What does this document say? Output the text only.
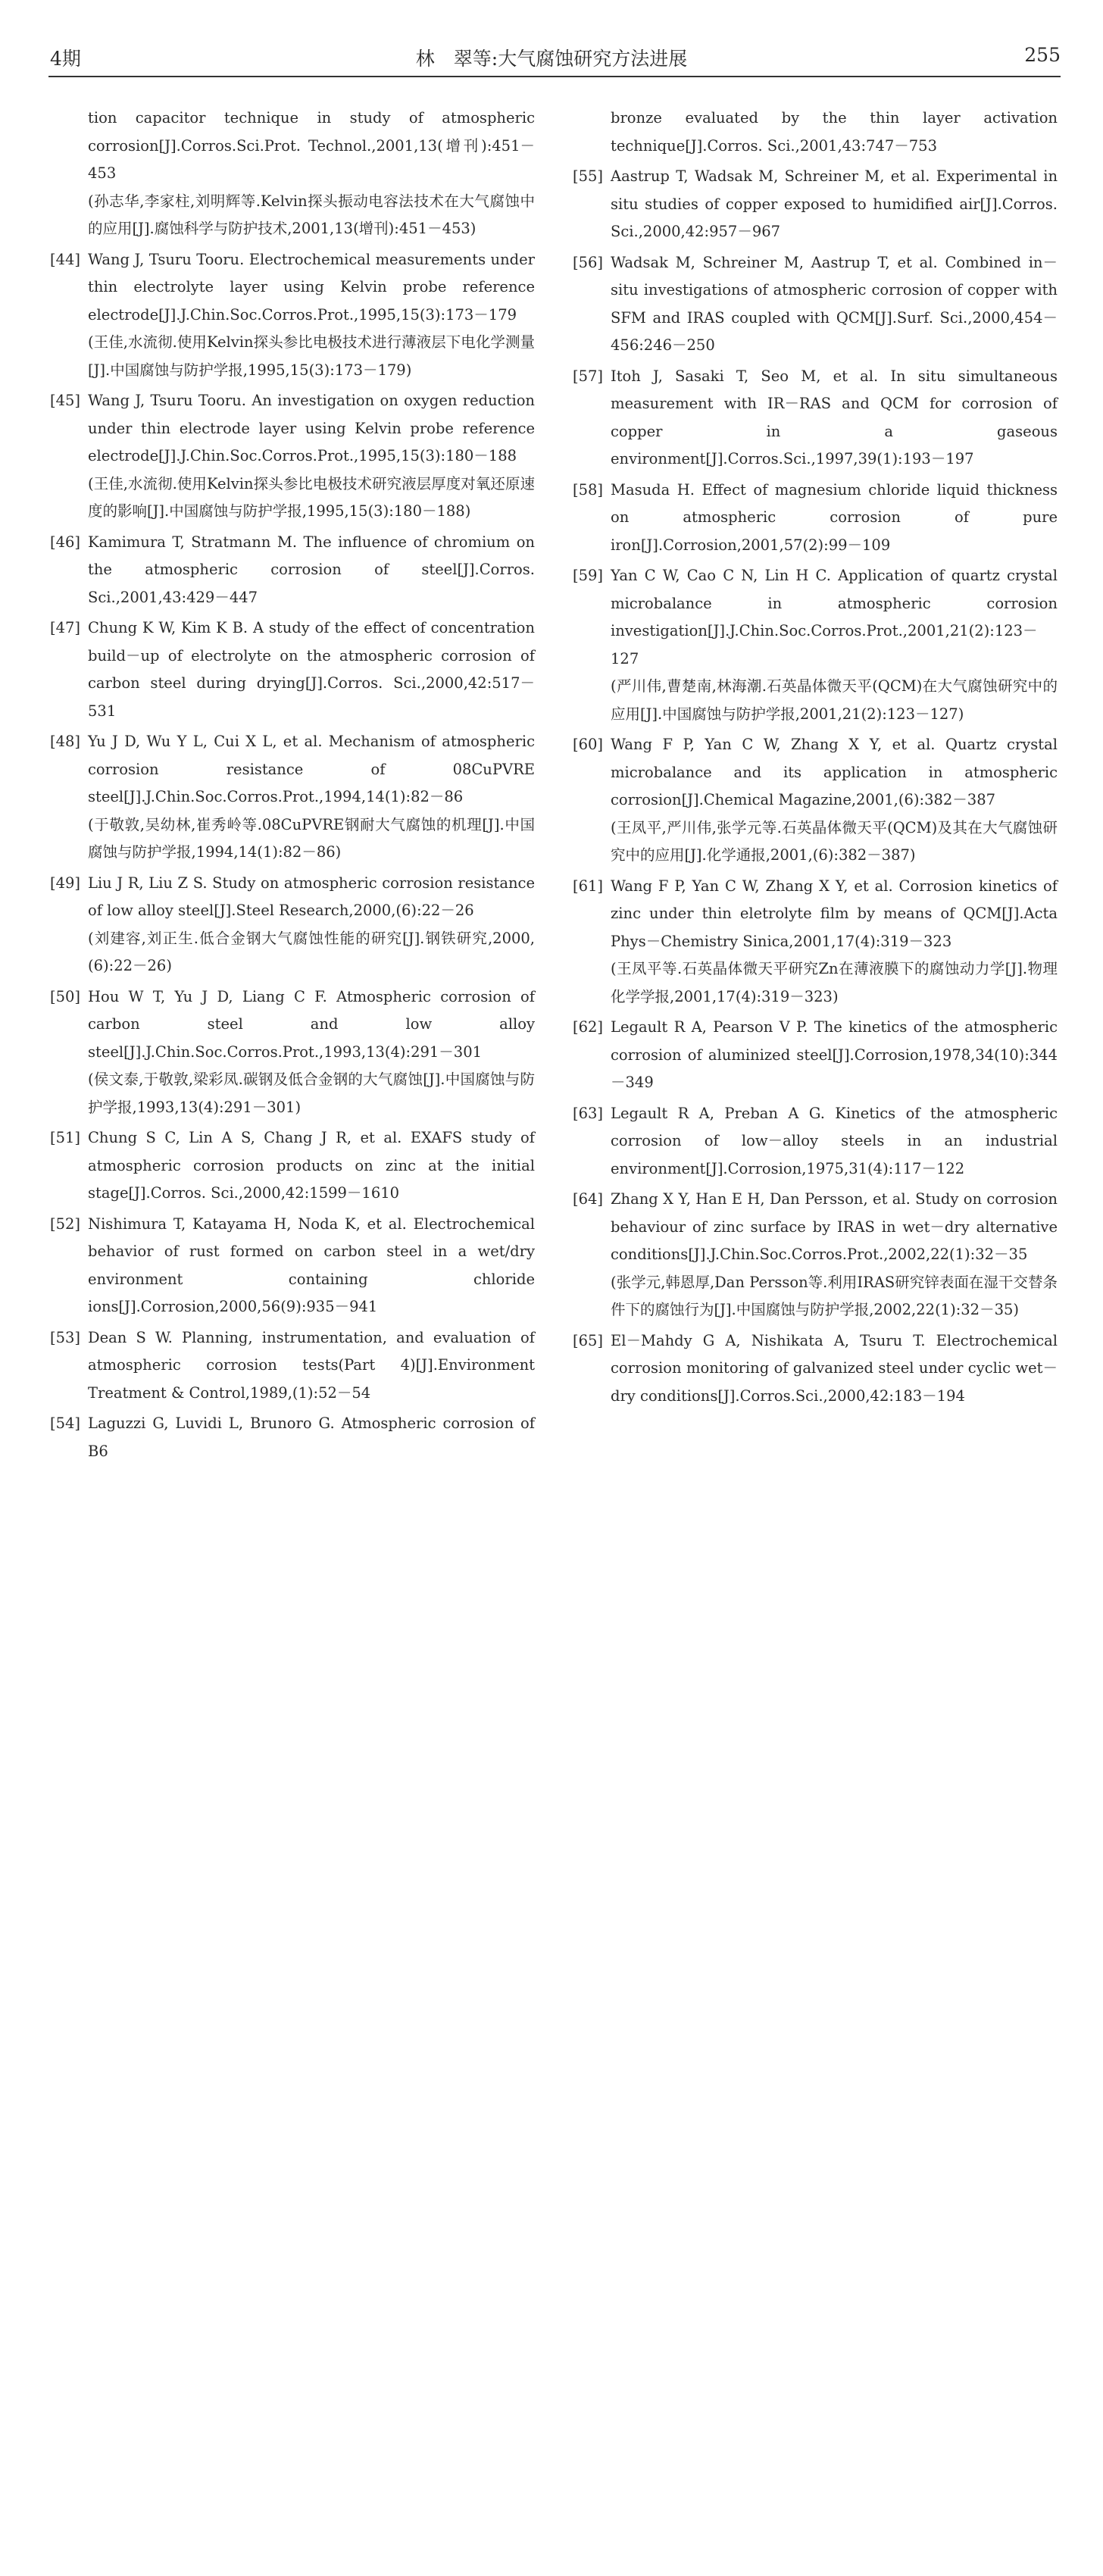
4期	林　翠等:大气腐蚀研究方法进展	255
tion capacitor technique in study of atmospheric corrosion[J].Corros.Sci.Prot. Technol.,2001,13(增刊):451－453
(孙志华,李家柱,刘明辉等.Kelvin探头振动电容法技术在大气腐蚀中的应用[J].腐蚀科学与防护技术,2001,13(增刊):451－453)
[44] Wang J, Tsuru Tooru. Electrochemical measurements under thin electrolyte layer using Kelvin probe reference electrode[J].J.Chin.Soc.Corros.Prot.,1995,15(3):173－179
(王佳,水流彻.使用Kelvin探头参比电极技术进行薄液层下电化学测量[J].中国腐蚀与防护学报,1995,15(3):173－179)
[45] Wang J, Tsuru Tooru. An investigation on oxygen reduction under thin electrode layer using Kelvin probe reference electrode[J].J.Chin.Soc.Corros.Prot.,1995,15(3):180－188
(王佳,水流彻.使用Kelvin探头参比电极技术研究液层厚度对氧还原速度的影响[J].中国腐蚀与防护学报,1995,15(3):180－188)
[46] Kamimura T, Stratmann M. The influence of chromium on the atmospheric corrosion of steel[J].Corros. Sci.,2001,43:429－447
[47] Chung K W, Kim K B. A study of the effect of concentration build－up of electrolyte on the atmospheric corrosion of carbon steel during drying[J].Corros. Sci.,2000,42:517－531
[48] Yu J D, Wu Y L, Cui X L, et al. Mechanism of atmospheric corrosion resistance of 08CuPVRE steel[J].J.Chin.Soc.Corros.Prot.,1994,14(1):82－86
(于敬敦,吴幼林,崔秀岭等.08CuPVRE钢耐大气腐蚀的机理[J].中国腐蚀与防护学报,1994,14(1):82－86)
[49] Liu J R, Liu Z S. Study on atmospheric corrosion resistance of low alloy steel[J].Steel Research,2000,(6):22－26
(刘建容,刘正生.低合金钢大气腐蚀性能的研究[J].钢铁研究,2000,(6):22－26)
[50] Hou W T, Yu J D, Liang C F. Atmospheric corrosion of carbon steel and low alloy steel[J].J.Chin.Soc.Corros.Prot.,1993,13(4):291－301
(侯文泰,于敬敦,梁彩凤.碳钢及低合金钢的大气腐蚀[J].中国腐蚀与防护学报,1993,13(4):291－301)
[51] Chung S C, Lin A S, Chang J R, et al. EXAFS study of atmospheric corrosion products on zinc at the initial stage[J].Corros. Sci.,2000,42:1599－1610
[52] Nishimura T, Katayama H, Noda K, et al. Electrochemical behavior of rust formed on carbon steel in a wet/dry environment containing chloride ions[J].Corrosion,2000,56(9):935－941
[53] Dean S W. Planning, instrumentation, and evaluation of atmospheric corrosion tests(Part 4)[J].Environment Treatment & Control,1989,(1):52－54
[54] Laguzzi G, Luvidi L, Brunoro G. Atmospheric corrosion of B6
bronze evaluated by the thin layer activation technique[J].Corros. Sci.,2001,43:747－753
[55] Aastrup T, Wadsak M, Schreiner M, et al. Experimental in situ studies of copper exposed to humidified air[J].Corros. Sci.,2000,42:957－967
[56] Wadsak M, Schreiner M, Aastrup T, et al. Combined in－situ investigations of atmospheric corrosion of copper with SFM and IRAS coupled with QCM[J].Surf. Sci.,2000,454－456:246－250
[57] Itoh J, Sasaki T, Seo M, et al. In situ simultaneous measurement with IR－RAS and QCM for corrosion of copper in a gaseous environment[J].Corros.Sci.,1997,39(1):193－197
[58] Masuda H. Effect of magnesium chloride liquid thickness on atmospheric corrosion of pure iron[J].Corrosion,2001,57(2):99－109
[59] Yan C W, Cao C N, Lin H C. Application of quartz crystal microbalance in atmospheric corrosion investigation[J].J.Chin.Soc.Corros.Prot.,2001,21(2):123－127
(严川伟,曹楚南,林海潮.石英晶体微天平(QCM)在大气腐蚀研究中的应用[J].中国腐蚀与防护学报,2001,21(2):123－127)
[60] Wang F P, Yan C W, Zhang X Y, et al. Quartz crystal microbalance and its application in atmospheric corrosion[J].Chemical Magazine,2001,(6):382－387
(王凤平,严川伟,张学元等.石英晶体微天平(QCM)及其在大气腐蚀研究中的应用[J].化学通报,2001,(6):382－387)
[61] Wang F P, Yan C W, Zhang X Y, et al. Corrosion kinetics of zinc under thin eletrolyte film by means of QCM[J].Acta Phys－Chemistry Sinica,2001,17(4):319－323
(王凤平等.石英晶体微天平研究Zn在薄液膜下的腐蚀动力学[J].物理化学学报,2001,17(4):319－323)
[62] Legault R A, Pearson V P. The kinetics of the atmospheric corrosion of aluminized steel[J].Corrosion,1978,34(10):344－349
[63] Legault R A, Preban A G. Kinetics of the atmospheric corrosion of low－alloy steels in an industrial environment[J].Corrosion,1975,31(4):117－122
[64] Zhang X Y, Han E H, Dan Persson, et al. Study on corrosion behaviour of zinc surface by IRAS in wet－dry alternative conditions[J].J.Chin.Soc.Corros.Prot.,2002,22(1):32－35
(张学元,韩恩厚,Dan Persson等.利用IRAS研究锌表面在湿干交替条件下的腐蚀行为[J].中国腐蚀与防护学报,2002,22(1):32－35)
[65] El－Mahdy G A, Nishikata A, Tsuru T. Electrochemical corrosion monitoring of galvanized steel under cyclic wet－dry conditions[J].Corros.Sci.,2000,42:183－194
